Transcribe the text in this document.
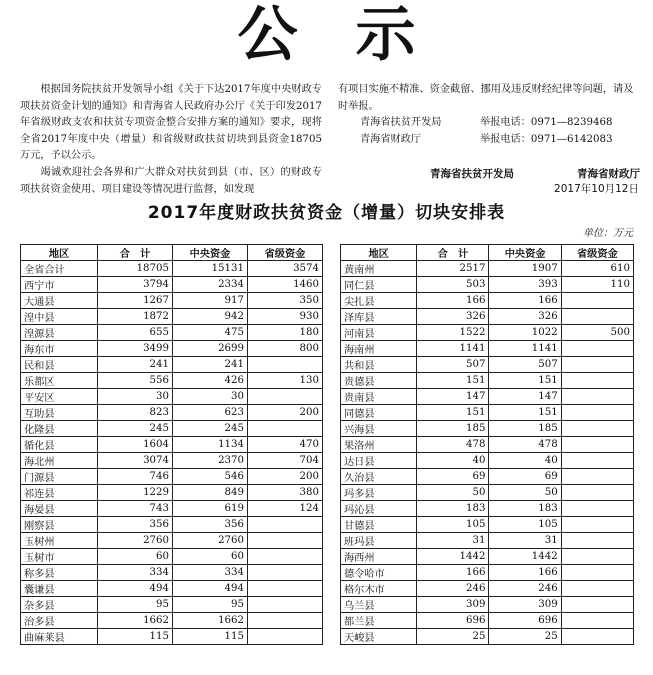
公示

根据国务院扶贫开发领导小组《关于下达2017年度中央财政专项扶贫资金计划的通知》和青海省人民政府办公厅《关于印发2017年省级财政支农和扶贫专项资金整合安排方案的通知》要求，现将全省2017年度中央（增量）和省级财政扶贫切块到县资金18705万元，予以公示。

竭诚欢迎社会各界和广大群众对扶贫到县（市、区）的财政专项扶贫资金使用、项目建设等情况进行监督，如发现

有项目实施不精准、资金截留、挪用及违反财经纪律等问题，请及时举报。

青海省扶贫开发局	举报电话：0971—8239468
青海省财政厅	举报电话：0971—6142083
青海省扶贫开发局	青海省财政厅
2017年10月12日
2017年度财政扶贫资金（增量）切块安排表
单位：万元
地区	合　计	中央资金	省级资金
全省合计	18705	15131	3574
西宁市	3794	2334	1460
大通县	1267	917	350
湟中县	1872	942	930
湟源县	655	475	180
海东市	3499	2699	800
民和县	241	241	
乐都区	556	426	130
平安区	30	30	
互助县	823	623	200
化隆县	245	245	
循化县	1604	1134	470
海北州	3074	2370	704
门源县	746	546	200
祁连县	1229	849	380
海晏县	743	619	124
刚察县	356	356	
玉树州	2760	2760	
玉树市	60	60	
称多县	334	334	
囊谦县	494	494	
杂多县	95	95	
治多县	1662	1662	
曲麻莱县	115	115	
地区	合　计	中央资金	省级资金
黄南州	2517	1907	610
同仁县	503	393	110
尖扎县	166	166	
泽库县	326	326	
河南县	1522	1022	500
海南州	1141	1141	
共和县	507	507	
贵德县	151	151	
贵南县	147	147	
同德县	151	151	
兴海县	185	185	
果洛州	478	478	
达日县	40	40	
久治县	69	69	
玛多县	50	50	
玛沁县	183	183	
甘德县	105	105	
班玛县	31	31	
海西州	1442	1442	
德令哈市	166	166	
格尔木市	246	246	
乌兰县	309	309	
都兰县	696	696	
天峻县	25	25	
